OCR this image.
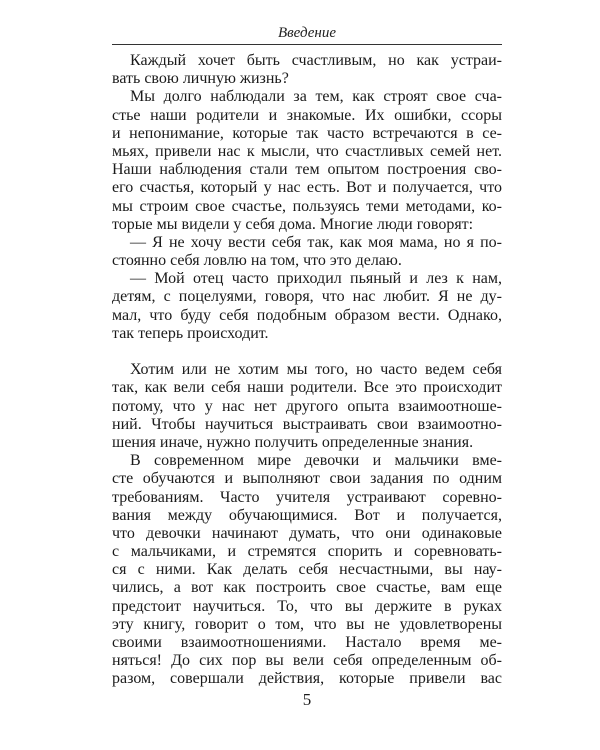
Введение
Каждый хочет быть счастливым, но как устраи-
вать свою личную жизнь?
Мы долго наблюдали за тем, как строят свое сча-
стье наши родители и знакомые. Их ошибки, ссоры
и непонимание, которые так часто встречаются в се-
мьях, привели нас к мысли, что счастливых семей нет.
Наши наблюдения стали тем опытом построения сво-
его счастья, который у нас есть. Вот и получается, что
мы строим свое счастье, пользуясь теми методами, ко-
торые мы видели у себя дома. Многие люди говорят:
— Я не хочу вести себя так, как моя мама, но я по-
стоянно себя ловлю на том, что это делаю.
— Мой отец часто приходил пьяный и лез к нам,
детям, с поцелуями, говоря, что нас любит. Я не ду-
мал, что буду себя подобным образом вести. Однако,
так теперь происходит.
Хотим или не хотим мы того, но часто ведем себя
так, как вели себя наши родители. Все это происходит
потому, что у нас нет другого опыта взаимоотноше-
ний. Чтобы научиться выстраивать свои взаимоотно-
шения иначе, нужно получить определенные знания.
В современном мире девочки и мальчики вме-
сте обучаются и выполняют свои задания по одним
требованиям. Часто учителя устраивают соревно-
вания между обучающимися. Вот и получается,
что девочки начинают думать, что они одинаковые
с мальчиками, и стремятся спорить и соревновать-
ся с ними. Как делать себя несчастными, вы нау-
чились, а вот как построить свое счастье, вам еще
предстоит научиться. То, что вы держите в руках
эту книгу, говорит о том, что вы не удовлетворены
своими взаимоотношениями. Настало время ме-
няться! До сих пор вы вели себя определенным об-
разом, совершали действия, которые привели вас
5
